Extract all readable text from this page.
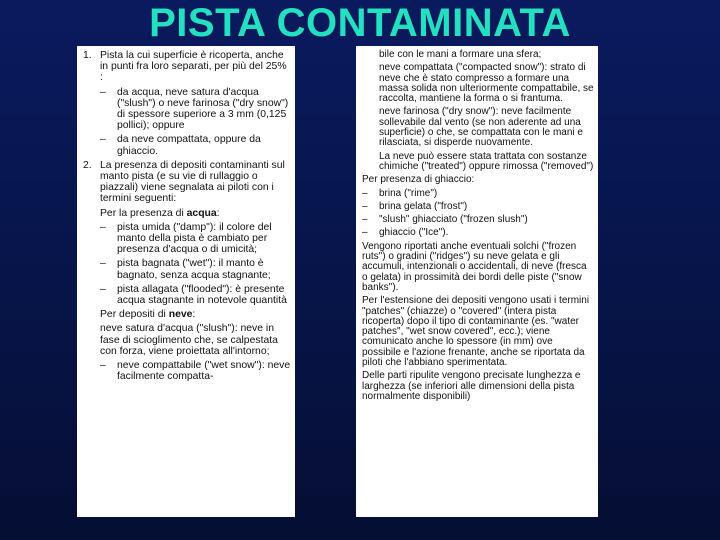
PISTA CONTAMINATA
1. Pista la cui superficie è ricoperta, anche in punti fra loro separati, per più del 25% :
–	da acqua, neve satura d'acqua ("slush") o neve farinosa ("dry snow") di spessore superiore a 3 mm (0,125 pollici); oppure
–	da neve compattata, oppure da ghiaccio.
2. La presenza di depositi contaminanti sul manto pista (e su vie di rullaggio o piazzali) viene segnalata ai piloti con i termini seguenti:
Per la presenza di acqua:
–	pista umida ("damp"): il colore del manto della pista è cambiato per presenza d'acqua o di umicità;
–	pista bagnata ("wet"): il manto è bagnato, senza acqua stagnante;
–	pista allagata ("flooded"): è presente acqua stagnante in notevole quantità
Per depositi di neve:
neve satura d'acqua ("slush"): neve in fase di scioglimento che, se calpestata con forza, viene proiettata all'intorno;
–	neve compattabile ("wet snow"): neve facilmente compatta-
bile con le mani a formare una sfera;
neve compattata ("compacted snow"): strato di neve che è stato compresso a formare una massa solida non ulteriormente compattabile, se raccolta, mantiene la forma o si frantuma.
neve farinosa ("dry snow"): neve facilmente sollevabile dal vento (se non aderente ad una superficie) o che, se compattata con le mani e rilasciata, si disperde nuovamente.
La neve può essere stata trattata con sostanze chimiche ("treated") oppure rimossa ("removed")
Per presenza di ghiaccio:
–	brina ("rime")
–	brina gelata ("frost")
–	"slush" ghiacciato ("frozen slush")
–	ghiaccio ("Ice").
Vengono riportati anche eventuali solchi ("frozen ruts") o gradini ("ridges") su neve gelata e gli accumuli, intenzionali o accidentali, di neve (fresca o gelata) in prossimità dei bordi delle piste ("snow banks").
Per l'estensione dei depositi vengono usati i termini "patches" (chiazze) o "covered" (intera pista ricoperta) dopo il tipo di contaminante (es. "water patches", "wet snow covered", ecc.); viene comunicato anche lo spessore (in mm) ove possibile e l'azione frenante, anche se riportata da piloti che l'abbiano sperimentata.
Delle parti ripulite vengono precisate lunghezza e larghezza (se inferiori alle dimensioni della pista normalmente disponibili)
